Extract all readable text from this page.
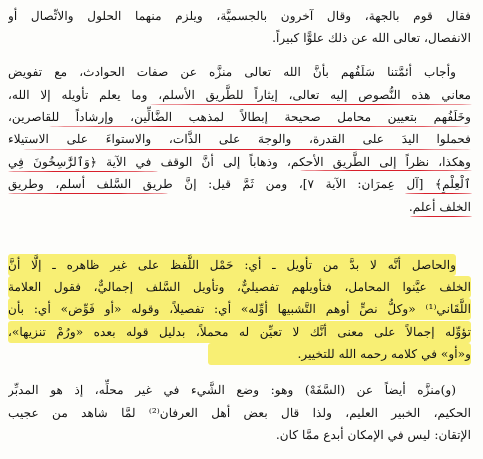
فقال قوم بالجهة، وقال آخرون بالجسميَّة، ويلزم منهما الحلول والاتِّصال أو
الانفصال، تعالى الله عن ذلك علوًّا كبيراً.
وأجاب أئمَّتنا سَلَفُهم بأنَّ الله تعالى منزَّه عن صفات الحوادث، مع تفويض
معاني هذه النُّصوص إليه تعالى، إيثاراً للطَّريق الأسلم، وما يعلم تأويله إلا الله،
وخَلَفُهم بتعيين محامل صحيحة إبطالاً لمذهب الضَّالِّين، وإرشاداً للقاصرين،
فحملوا اليدَ على القدرة، والوجهَ على الذَّات، والاستواءَ على الاستيلاء
وهكذا، نظراً إلى الطَّريق الأحكم، وذهاباً إلى أنَّ الوقف في الآية ﴿وَٱلرَّٰسِخُونَ فِي
ٱلْعِلْمِ﴾ [آل عِمرَان: الآية ٧]، ومن ثَمَّ قيل: إنَّ طريق السَّلف أسلم، وطريق
الخلف أعلم.
والحاصل أنَّه لا بدَّ من تأويل ـ أي: حَمْل اللَّفظ على غير ظاهره ـ إلَّا أنَّ
الخلف عيَّنوا المحامل، فتأويلهم تفصيليٌّ، وتأويل السَّلف إجماليٌّ، فقول العلامة
اللَّقَاني⁽¹⁾ «وكلُّ نصٍّ أوهم التَّشبيها أوِّله» أي: تفصيلاً، وقوله «أو فَوِّض» أي: بأن
تؤوِّله إجمالاً على معنى أنَّك لا تعيِّن له محملاً، بدليل قوله بعده «ورُمْ تنزيها»،
و«أو» في كلامه رحمه الله للتخيير.
(و)منزَّه أيضاً عن (السَّفَهْ) وهو: وضع الشَّيء في غير محلِّه، إذ هو المدبِّر
الحكيم، الخبير العليم، ولذا قال بعض أهل العرفان⁽²⁾ لمَّا شاهد من عجيب
الإتقان: ليس في الإمكان أبدع ممَّا كان.
